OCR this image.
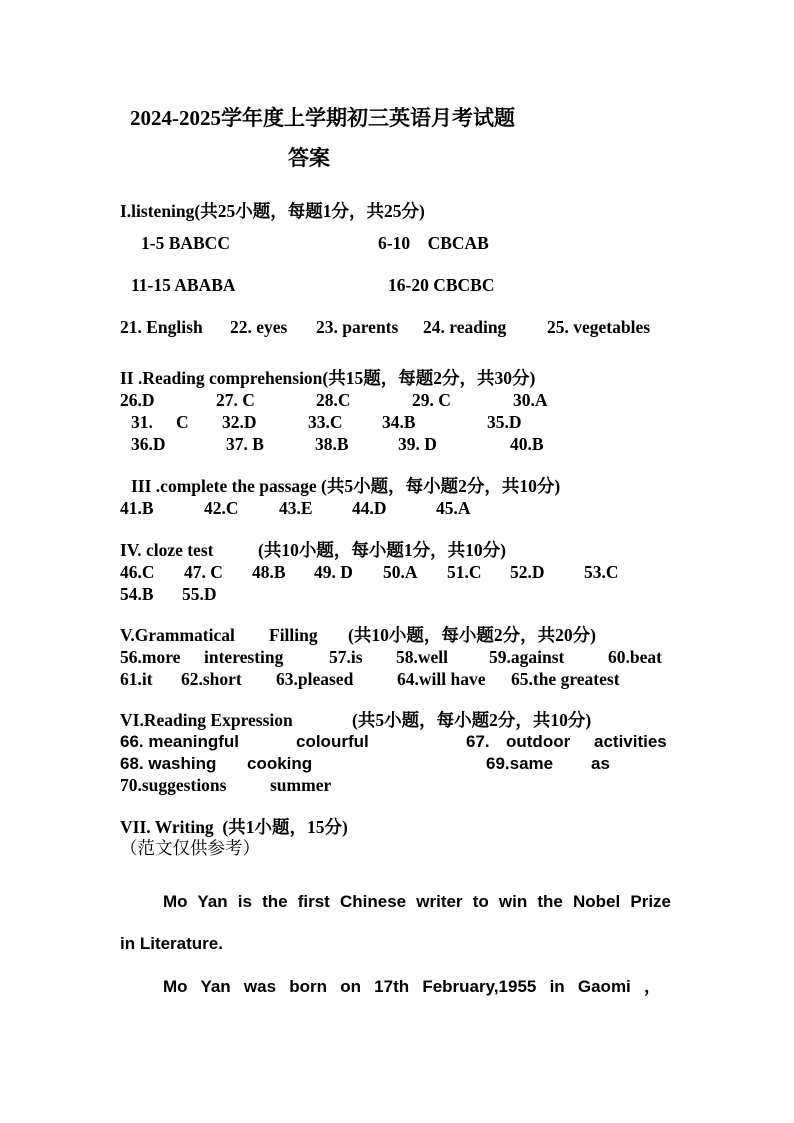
2024-2025学年度上学期初三英语月考试题
答案
I.listening(共25小题，每题1分，共25分)
1-5 BABCC	6-10    CBCAB
11-15 ABABA	16-20 CBCBC
21. English 22. eyes 23. parents 24. reading 25. vegetables
II .Reading comprehension(共15题，每题2分，共30分)
26.D	27. C	28.C	29. C	30.A
31. C 32.D	33.C 34.B	35.D
36.D	37. B	38.B	39. D	40.B
III .complete the passage (共5小题，每小题2分，共10分)
41.B	42.C 43.E 44.D	45.A
IV. cloze test	(共10小题，每小题1分，共10分)
46.C 47. C 48.B 49. D 50.A 51.C 52.D 53.C
54.B 55.D
V.Grammatical Filling (共10小题，每小题2分，共20分)
56.more interesting	57.is 58.well 59.against 60.beat
61.it 62.short 63.pleased 64.will have 65.the greatest
VI.Reading Expression	(共5小题，每小题2分，共10分)
66. meaningful	colourful	67. outdoor activities
68. washing cooking	69.same as
70.suggestions summer
VII. Writing  (共1小题，15分)
（范文仅供参考）
Mo Yan is the first Chinese writer to win the Nobel Prize
in Literature.
Mo Yan was born on 17th February,1955 in Gaomi ，
